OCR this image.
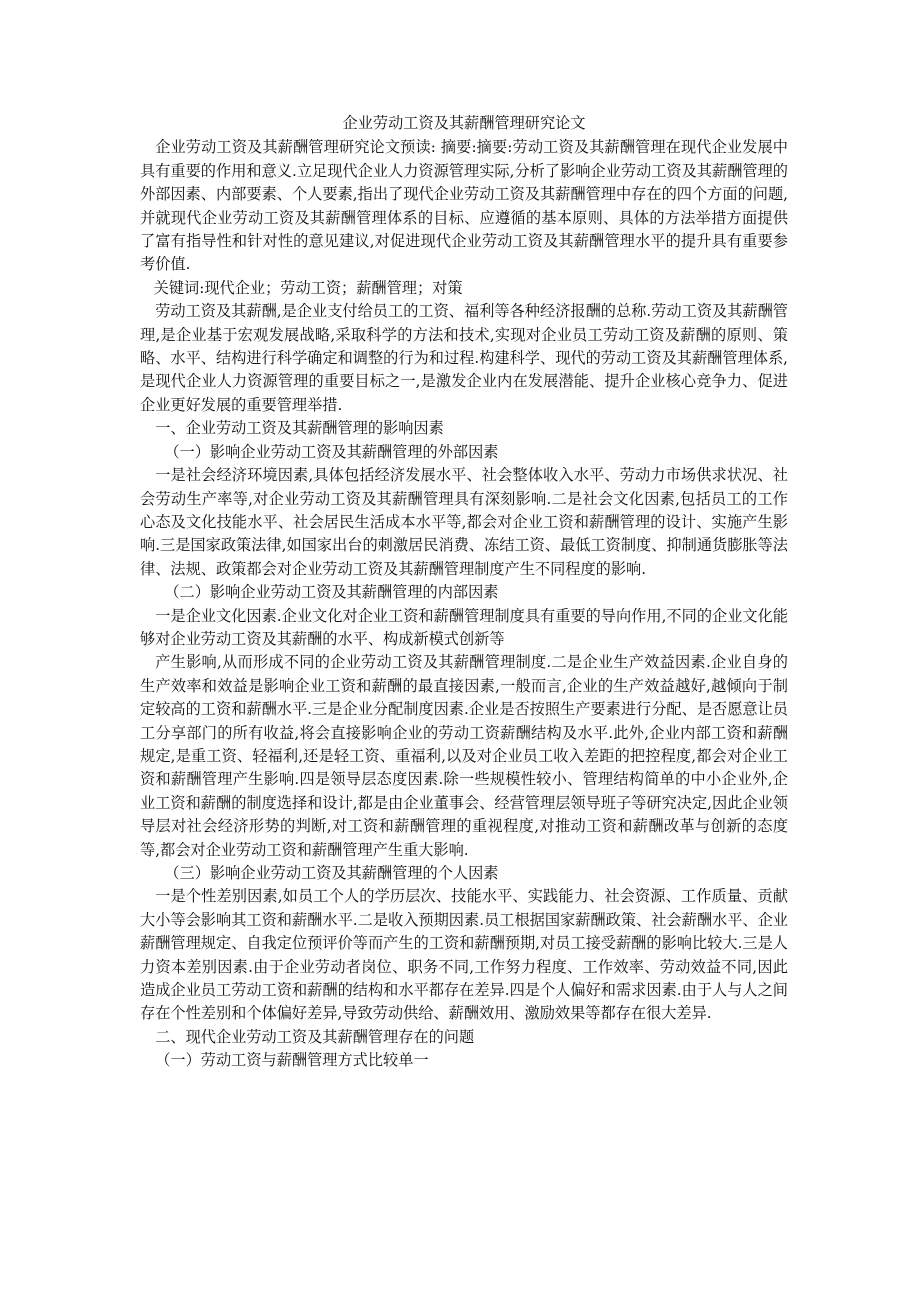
企业劳动工资及其薪酬管理研究论文

企业劳动工资及其薪酬管理研究论文预读: 摘要:摘要:劳动工资及其薪酬管理在现代企业发展中具有重要的作用和意义.立足现代企业人力资源管理实际,分析了影响企业劳动工资及其薪酬管理的外部因素、内部要素、个人要素,指出了现代企业劳动工资及其薪酬管理中存在的四个方面的问题,并就现代企业劳动工资及其薪酬管理体系的目标、应遵循的基本原则、具体的方法举措方面提供了富有指导性和针对性的意见建议,对促进现代企业劳动工资及其薪酬管理水平的提升具有重要参考价值.

关键词:现代企业；劳动工资；薪酬管理；对策

劳动工资及其薪酬,是企业支付给员工的工资、福利等各种经济报酬的总称.劳动工资及其薪酬管理,是企业基于宏观发展战略,采取科学的方法和技术,实现对企业员工劳动工资及薪酬的原则、策略、水平、结构进行科学确定和调整的行为和过程.构建科学、现代的劳动工资及其薪酬管理体系,是现代企业人力资源管理的重要目标之一,是激发企业内在发展潜能、提升企业核心竞争力、促进企业更好发展的重要管理举措.

一、企业劳动工资及其薪酬管理的影响因素

（一）影响企业劳动工资及其薪酬管理的外部因素

一是社会经济环境因素,具体包括经济发展水平、社会整体收入水平、劳动力市场供求状况、社会劳动生产率等,对企业劳动工资及其薪酬管理具有深刻影响.二是社会文化因素,包括员工的工作心态及文化技能水平、社会居民生活成本水平等,都会对企业工资和薪酬管理的设计、实施产生影响.三是国家政策法律,如国家出台的刺激居民消费、冻结工资、最低工资制度、抑制通货膨胀等法律、法规、政策都会对企业劳动工资及其薪酬管理制度产生不同程度的影响.

（二）影响企业劳动工资及其薪酬管理的内部因素

一是企业文化因素.企业文化对企业工资和薪酬管理制度具有重要的导向作用,不同的企业文化能够对企业劳动工资及其薪酬的水平、构成新模式创新等

产生影响,从而形成不同的企业劳动工资及其薪酬管理制度.二是企业生产效益因素.企业自身的生产效率和效益是影响企业工资和薪酬的最直接因素,一般而言,企业的生产效益越好,越倾向于制定较高的工资和薪酬水平.三是企业分配制度因素.企业是否按照生产要素进行分配、是否愿意让员工分享部门的所有收益,将会直接影响企业的劳动工资薪酬结构及水平.此外,企业内部工资和薪酬规定,是重工资、轻福利,还是轻工资、重福利,以及对企业员工收入差距的把控程度,都会对企业工资和薪酬管理产生影响.四是领导层态度因素.除一些规模性较小、管理结构简单的中小企业外,企业工资和薪酬的制度选择和设计,都是由企业董事会、经营管理层领导班子等研究决定,因此企业领导层对社会经济形势的判断,对工资和薪酬管理的重视程度,对推动工资和薪酬改革与创新的态度等,都会对企业劳动工资和薪酬管理产生重大影响.

（三）影响企业劳动工资及其薪酬管理的个人因素

一是个性差别因素,如员工个人的学历层次、技能水平、实践能力、社会资源、工作质量、贡献大小等会影响其工资和薪酬水平.二是收入预期因素.员工根据国家薪酬政策、社会薪酬水平、企业薪酬管理规定、自我定位预评价等而产生的工资和薪酬预期,对员工接受薪酬的影响比较大.三是人力资本差别因素.由于企业劳动者岗位、职务不同,工作努力程度、工作效率、劳动效益不同,因此造成企业员工劳动工资和薪酬的结构和水平都存在差异.四是个人偏好和需求因素.由于人与人之间存在个性差别和个体偏好差异,导致劳动供给、薪酬效用、激励效果等都存在很大差异.

二、现代企业劳动工资及其薪酬管理存在的问题

（一）劳动工资与薪酬管理方式比较单一
